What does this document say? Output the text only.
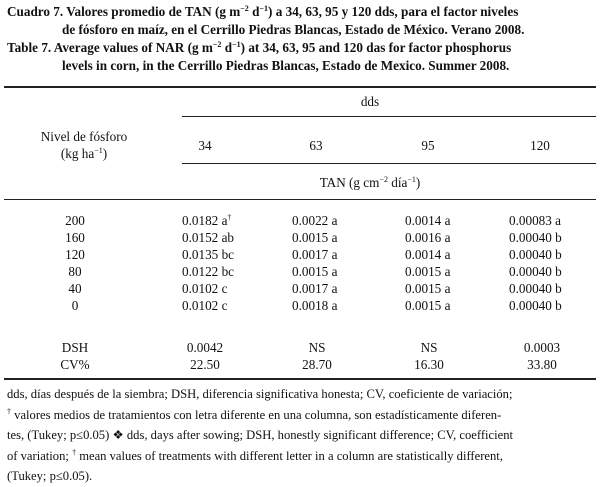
Cuadro 7. Valores promedio de TAN (g $m^{-2}$ $d^{-1}$) a 34, 63, 95 y 120 dds, para el factor niveles
de fósforo en maíz, en el Cerrillo Piedras Blancas, Estado de México. Verano 2008.
Table 7. Average values of NAR (g $m^{-2}$ $d^{-1}$) at 34, 63, 95 and 120 das for factor phosphorus
levels in corn, in the Cerrillo Piedras Blancas, Estado de Mexico. Summer 2008.
dds
Nivel de fósforo
(kg $ha^{-1}$)
34	63	95	120
TAN (g $cm^{-2}$ día$^{-1}$)
200	0.0182 a†	0.0022 a	0.0014 a	0.00083 a
160	0.0152 ab	0.0015 a	0.0016 a	0.00040 b
120	0.0135 bc	0.0017 a	0.0014 a	0.00040 b
80	0.0122 bc	0.0015 a	0.0015 a	0.00040 b
40	0.0102 c	0.0017 a	0.0015 a	0.00040 b
0	0.0102 c	0.0018 a	0.0015 a	0.00040 b
DSH	0.0042	NS	NS	0.0003
CV%	22.50	28.70	16.30	33.80

dds, días después de la siembra; DSH, diferencia significativa honesta; CV, coeficiente de variación;

† valores medios de tratamientos con letra diferente en una columna, son estadísticamente diferen-

tes, (Tukey; p≤0.05) ❖ dds, days after sowing; DSH, honestly significant difference; CV, coefficient

of variation; † mean values of treatments with different letter in a column are statistically different,

(Tukey; p≤0.05).
